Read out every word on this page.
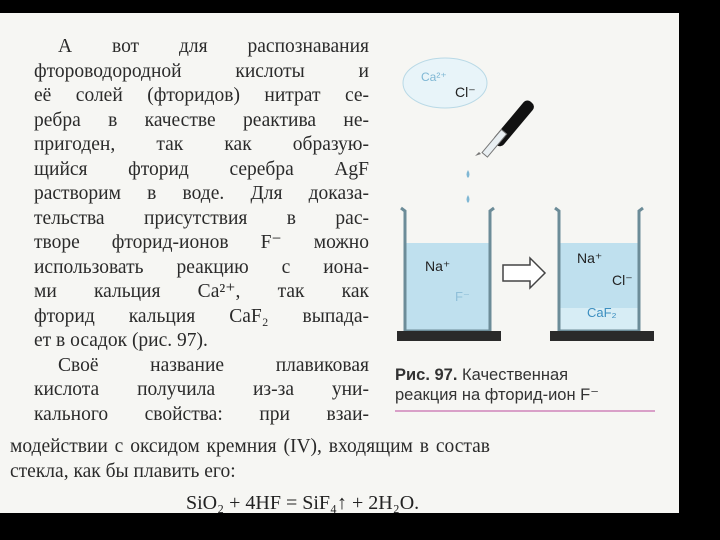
А вот для распознавания
фтороводородной кислоты и
её солей (фторидов) нитрат се-
ребра в качестве реактива не-
пригоден, так как образую-
щийся фторид серебра AgF
растворим в воде. Для доказа-
тельства присутствия в рас-
творе фторид-ионов F⁻ можно
использовать реакцию с иона-
ми кальция Ca²⁺, так как
фторид кальция CaF₂ выпада-
ет в осадок (рис. 97).
Своё название плавиковая
кислота получила из-за уни-
кального свойства: при взаи-
модействии с оксидом кремния (IV), входящим в состав
стекла, как бы плавить его:
SiO₂ + 4HF = SiF₄↑ + 2H₂O.
Ca²⁺
Cl⁻
Na⁺
F⁻
Na⁺
Cl⁻
CaF₂
Рис. 97. Качественная
реакция на фторид-ион F⁻
